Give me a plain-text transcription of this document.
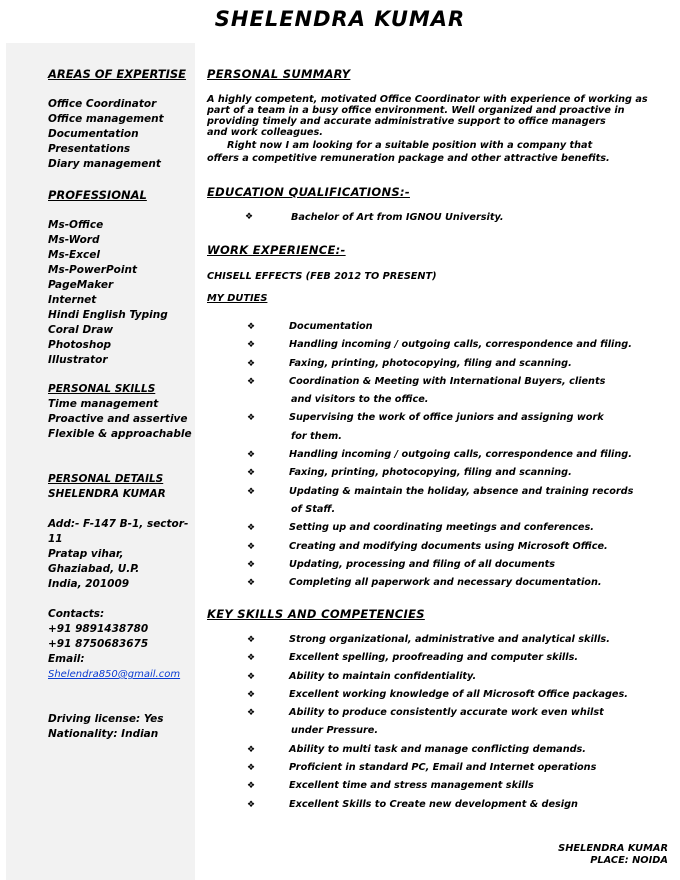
SHELENDRA KUMAR
AREAS OF EXPERTISE
Office Coordinator
Office management
Documentation
Presentations
Diary management
PROFESSIONAL
Ms-Office
Ms-Word
Ms-Excel
Ms-PowerPoint
PageMaker
Internet
Hindi English Typing
Coral Draw
Photoshop
Illustrator
PERSONAL SKILLS
Time management
Proactive and assertive
Flexible & approachable
PERSONAL DETAILS
SHELENDRA KUMAR
Add:- F-147 B-1, sector-11
Pratap vihar,
Ghaziabad, U.P.
India, 201009
Contacts:
+91 9891438780
+91 8750683675
Email:
Shelendra850@gmail.com
Driving license: Yes
Nationality: Indian
PERSONAL SUMMARY
A highly competent, motivated Office Coordinator with experience of working as
part of a team in a busy office environment. Well organized and proactive in
providing timely and accurate administrative support to office managers
and work colleagues.
Right now I am looking for a suitable position with a company that
offers a competitive remuneration package and other attractive benefits.
EDUCATION QUALIFICATIONS:-
❖	Bachelor of Art from IGNOU University.
WORK EXPERIENCE:-
CHISELL EFFECTS (FEB 2012 TO PRESENT)
MY DUTIES
❖	Documentation
❖	Handling incoming / outgoing calls, correspondence and filing.
❖	Faxing, printing, photocopying, filing and scanning.
❖	Coordination & Meeting with International Buyers, clients
and visitors to the office.
❖	Supervising the work of office juniors and assigning work
for them.
❖	Handling incoming / outgoing calls, correspondence and filing.
❖	Faxing, printing, photocopying, filing and scanning.
❖	Updating & maintain the holiday, absence and training records
of Staff.
❖	Setting up and coordinating meetings and conferences.
❖	Creating and modifying documents using Microsoft Office.
❖	Updating, processing and filing of all documents
❖	Completing all paperwork and necessary documentation.
KEY SKILLS AND COMPETENCIES
❖	Strong organizational, administrative and analytical skills.
❖	Excellent spelling, proofreading and computer skills.
❖	Ability to maintain confidentiality.
❖	Excellent working knowledge of all Microsoft Office packages.
❖	Ability to produce consistently accurate work even whilst
under Pressure.
❖	Ability to multi task and manage conflicting demands.
❖	Proficient in standard PC, Email and Internet operations
❖	Excellent time and stress management skills
❖	Excellent Skills to Create new development & design
SHELENDRA KUMAR
PLACE: NOIDA
